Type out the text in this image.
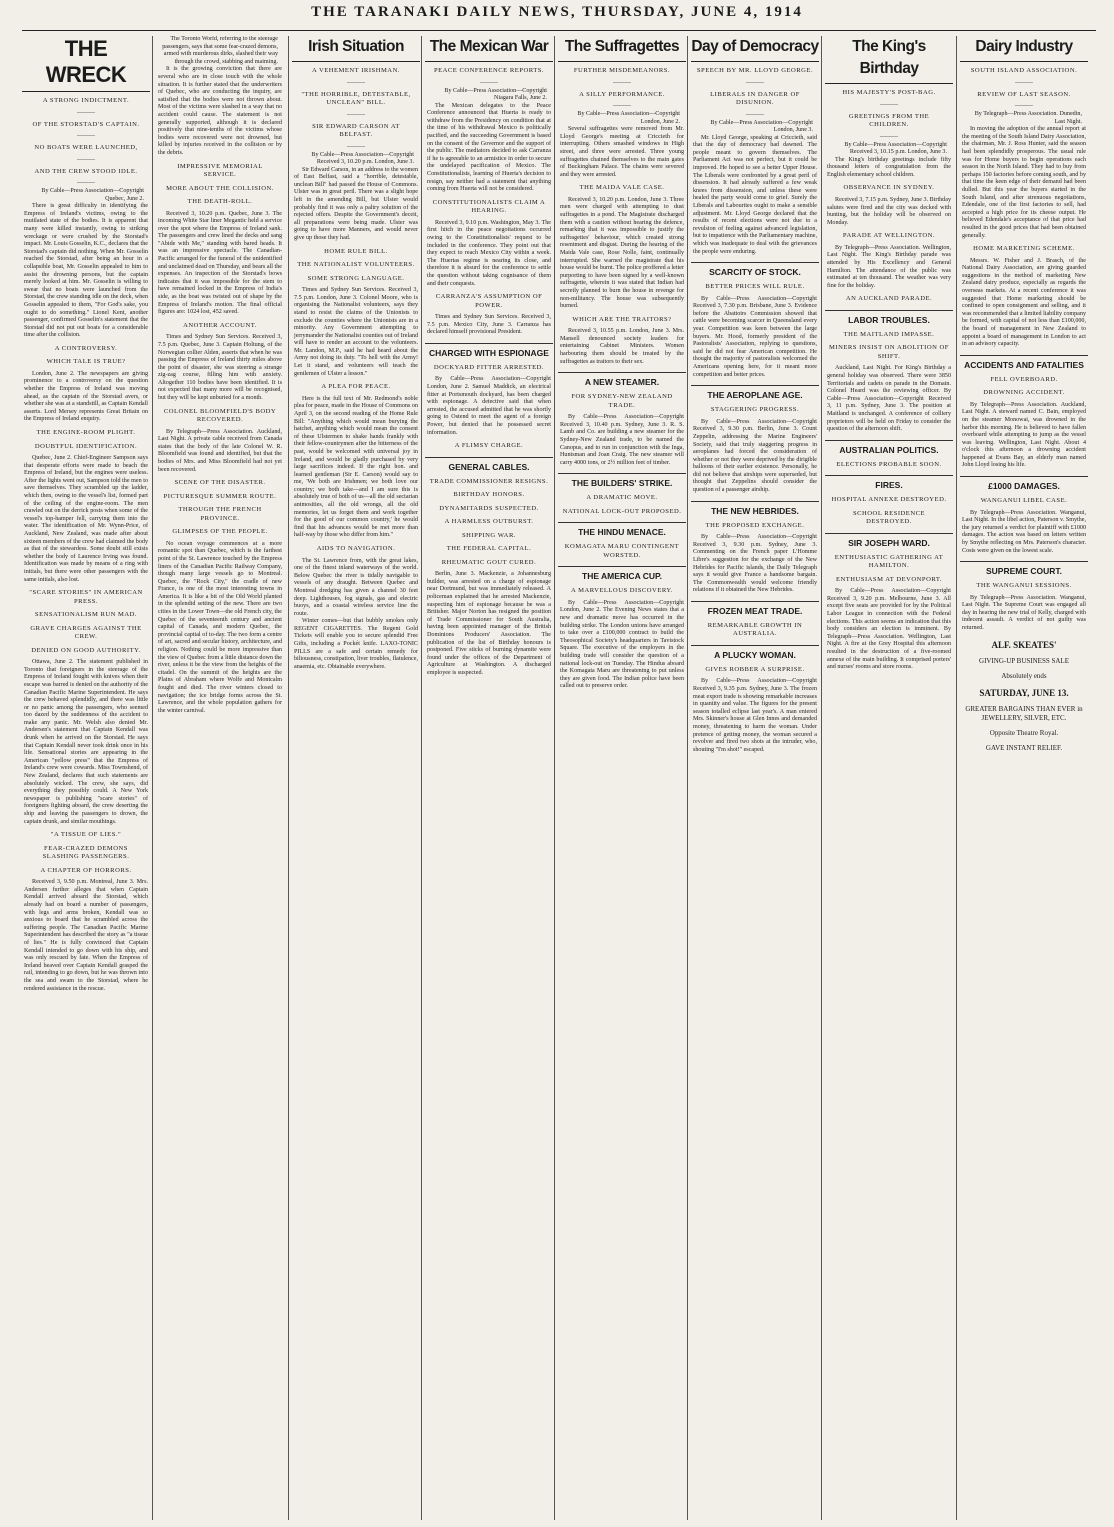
THE TARANAKI DAILY NEWS, THURSDAY, JUNE 4, 1914
THE WRECK
A STRONG INDICTMENT.
———
OF THE STORSTAD'S CAPTAIN.
———
NO BOATS WERE LAUNCHED,
———
AND THE CREW STOOD IDLE.
———
By Cable—Press Association—Copyright Quebec, June 2.
There is great difficulty in identifying the Empress of Ireland's victims, owing to the mutilated state of the bodies. It is apparent that many were killed instantly, owing to striking wreckage or were crushed by the Storstad's impact. Mr. Louis Gosselin, K.C., declares that the Storstad's captain did nothing. When Mr. Gosselin reached the Storstad, after being an hour in a collapsible boat, Mr. Gosselin appealed to him to assist the drowning persons, but the captain merely looked at him. Mr. Gosselin is willing to swear that no boats were launched from the Storstad, the crew standing idle on the deck, when Gosselin appealed to them, "For God's sake, you ought to do something." Lionel Kent, another passenger, confirmed Gosselin's statement that the Storstad did not put out boats for a considerable time after the collision.
A CONTROVERSY.
WHICH TALE IS TRUE?
London, June 2. The newspapers are giving prominence to a controversy on the question whether the Empress of Ireland was moving ahead, as the captain of the Storstad avers, or whether she was at a standstill, as Captain Kendall asserts. Lord Mersey represents Great Britain on the Empress of Ireland enquiry.
THE ENGINE-ROOM PLIGHT.
DOUBTFUL IDENTIFICATION.
Quebec, June 2. Chief-Engineer Sampson says that desperate efforts were made to beach the Empress of Ireland, but the engines were useless. After the lights went out, Sampson told the men to save themselves. They scrambled up the ladder, which then, owing to the vessel's list, formed part of the ceiling of the engine-room. The men crawled out on the derrick posts when some of the vessel's top-hamper fell, carrying them into the water. The identification of Mr. Wynn-Price, of Auckland, New Zealand, was made after about sixteen members of the crew had claimed the body as that of the stewardess. Some doubt still exists whether the body of Laurence Irving was found. Identification was made by means of a ring with initials, but there were other passengers with the same initials, also lost.
"SCARE STORIES" IN AMERICAN PRESS.
SENSATIONALISM RUN MAD.
GRAVE CHARGES AGAINST THE CREW.
DENIED ON GOOD AUTHORITY.
Ottawa, June 2. The statement published in Toronto that foreigners in the steerage of the Empress of Ireland fought with knives when their escape was barred is denied on the authority of the Canadian Pacific Marine Superintendent. He says the crew behaved splendidly, and there was little or no panic among the passengers, who seemed too dazed by the suddenness of the accident to make any panic. Mr. Welsh also denied Mr. Andersen's statement that Captain Kendall was drunk when he arrived on the Storstad. He says that Captain Kendall never took drink once in his life. Sensational stories are appearing in the American "yellow press" that the Empress of Ireland's crew were cowards. Miss Townshend, of New Zealand, declares that such statements are absolutely wicked. The crew, she says, did everything they possibly could. A New York newspaper is publishing "scare stories" of foreigners fighting aboard, the crew deserting the ship and leaving the passengers to drown, the captain drunk, and similar mouthings.
"A TISSUE OF LIES."
FEAR-CRAZED DEMONS SLASHING PASSENGERS.
A CHAPTER OF HORRORS.
Received 3, 9.50 p.m. Montreal, June 3. Mrs. Andersen further alleges that when Captain Kendall arrived aboard the Storstad, which already had on board a number of passengers, with legs and arms broken, Kendall was so anxious to board that he scrambled across the suffering people. The Canadian Pacific Marine Superintendent has described the story as "a tissue of lies." He is fully convinced that Captain Kendall intended to go down with his ship, and was only rescued by fate. When the Empress of Ireland heaved over Captain Kendall grasped the rail, intending to go down, but he was thrown into the sea and swam to the Storstad, where he rendered assistance in the rescue.
The Toronto World, referring to the steerage passengers, says that some fear-crazed demons, armed with murderous dirks, slashed their way through the crowd, stabbing and maiming.
It is the growing conviction that there are several who are in close touch with the whole situation. It is further stated that the underwriters of Quebec, who are conducting the inquiry, are satisfied that the bodies were not thrown about. Most of the victims were slashed in a way that no accident could cause. The statement is not generally supported, although it is declared positively that nine-tenths of the victims whose bodies were recovered were not drowned, but killed by injuries received in the collision or by the debris.
IMPRESSIVE MEMORIAL SERVICE.
MORE ABOUT THE COLLISION.
THE DEATH-ROLL.
Received 3, 10.20 p.m. Quebec, June 3. The incoming White Star liner Megantic held a service over the spot where the Empress of Ireland sank. The passengers and crew lined the decks and sang "Abide with Me," standing with bared heads. It was an impressive spectacle. The Canadian-Pacific arranged for the funeral of the unidentified and unclaimed dead on Thursday, and bears all the expenses. An inspection of the Storstad's bows indicates that it was impossible for the stem to have remained locked in the Empress of India's side, as the boat was twisted out of shape by the Empress of Ireland's motion. The final official figures are: 1024 lost, 452 saved.
ANOTHER ACCOUNT.
Times and Sydney Sun Services. Received 3, 7.5 p.m. Quebec, June 3. Captain Holtung, of the Norwegian collier Alden, asserts that when he was passing the Empress of Ireland thirty miles above the point of disaster, she was steering a strange zig-zag course, filling him with anxiety. Altogether 110 bodies have been identified. It is not expected that many more will be recognised, but they will be kept unburied for a month.
COLONEL BLOOMFIELD'S BODY RECOVERED.
By Telegraph—Press Association. Auckland, Last Night. A private cable received from Canada states that the body of the late Colonel W. R. Bloomfield was found and identified, but that the bodies of Mrs. and Miss Bloomfield had not yet been recovered.
SCENE OF THE DISASTER.
PICTURESQUE SUMMER ROUTE.
THROUGH THE FRENCH PROVINCE.
GLIMPSES OF THE PEOPLE.
No ocean voyage commences at a more romantic spot than Quebec, which is the farthest point of the St. Lawrence touched by the Empress liners of the Canadian Pacific Railway Company, though many large vessels go to Montreal. Quebec, the "Rock City," the cradle of new France, is one of the most interesting towns in America. It is like a bit of the Old World planted in the splendid setting of the new. There are two cities in the Lower Town—the old French city, the Quebec of the seventeenth century and ancient capital of Canada, and modern Quebec, the provincial capital of to-day. The two form a centre of art, sacred and secular history, architecture, and religion. Nothing could be more impressive than the view of Quebec from a little distance down the river, unless it be the view from the heights of the citadel. On the summit of the heights are the Plains of Abraham where Wolfe and Montcalm fought and died. The river winters closed to navigation; the ice bridge forms across the St. Lawrence, and the whole population gathers for the winter carnival.
Irish Situation
A VEHEMENT IRISHMAN.
———
"THE HORRIBLE, DETESTABLE, UNCLEAN" BILL.
———
SIR EDWARD CARSON AT BELFAST.
———
By Cable—Press Association—Copyright Received 3, 10.20 p.m. London, June 3.
Sir Edward Carson, in an address to the women of East Belfast, said a "horrible, detestable, unclean Bill" had passed the House of Commons. Ulster was in great peril. There was a slight hope left in the amending Bill, but Ulster would probably find it was only a paltry solution of the rejected offers. Despite the Government's deceit, all preparations were being made. Ulster was going to have more Manners, and would never give up those they had.
HOME RULE BILL.
THE NATIONALIST VOLUNTEERS.
SOME STRONG LANGUAGE.
Times and Sydney Sun Services. Received 3, 7.5 p.m. London, June 3. Colonel Moore, who is organising the Nationalist volunteers, says they stand to resist the claims of the Unionists to exclude the counties where the Unionists are in a minority. Any Government attempting to jerrymander the Nationalist counties out of Ireland will have to render an account to the volunteers. Mr. Landon, M.P., said he had heard about the Army not doing its duty. "To hell with the Army! Let it stand, and volunteers will teach the gentlemen of Ulster a lesson."
A PLEA FOR PEACE.
Here is the full text of Mr. Redmond's noble plea for peace, made in the House of Commons on April 3, on the second reading of the Home Rule Bill: "Anything which would mean burying the hatchet, anything which would mean the consent of these Ulstermen to shake hands frankly with their fellow-countrymen after the bitterness of the past, would be welcomed with universal joy in Ireland, and would be gladly purchased by very large sacrifices indeed. If the right hon. and learned gentleman (Sir E. Carson) would say to me, 'We both are Irishmen; we both love our country; we both take—and I am sure this is absolutely true of both of us—all the old sectarian animosities, all the old wrongs, all the old memories, let us forget them and work together for the good of our common country,' he would find that his advances would be met more than half-way by those who differ from him."
AIDS TO NAVIGATION.
The St. Lawrence from, with the great lakes, one of the finest inland waterways of the world. Below Quebec the river is tidally navigable to vessels of any draught. Between Quebec and Montreal dredging has given a channel 30 feet deep. Lighthouses, fog signals, gas and electric buoys, and a coastal wireless service line the route.
Winter comes—but that bubbly smokes only REGENT CIGARETTES. The Regent Gold Tickets will enable you to secure splendid Free Gifts, including a Pockét knife. LAXO-TONIC PILLS are a safe and certain remedy for biliousness, constipation, liver troubles, flatulence, anaemia, etc. Obtainable everywhere.
The Mexican War
PEACE CONFERENCE REPORTS.
———
By Cable—Press Association—Copyright Niagara Falls, June 2.
The Mexican delegates to the Peace Conference announced that Huerta is ready to withdraw from the Presidency on condition that at the time of his withdrawal Mexico is politically pacified, and the succeeding Government is based on the consent of the Governor and the support of the public. The mediators decided to ask Carranza if he is agreeable to an armistice in order to secure the undelayed pacification of Mexico. The Constitutionalists, learning of Huerta's decision to resign, say neither had a statement that anything coming from Huerta will not be considered.
CONSTITUTIONALISTS CLAIM A HEARING.
Received 3, 9.10 p.m. Washington, May 3. The first hitch in the peace negotiations occurred owing to the Constitutionalists' request to be included in the conference. They point out that they expect to reach Mexico City within a week. The Huertas regime is nearing its close, and therefore it is absurd for the conference to settle the question without taking cognisance of them and their conquests.
CARRANZA'S ASSUMPTION OF POWER.
Times and Sydney Sun Services. Received 3, 7.5 p.m. Mexico City, June 3. Carranza has declared himself provisional President.
CHARGED WITH ESPIONAGE
DOCKYARD FITTER ARRESTED.
By Cable—Press Association—Copyright London, June 2. Samuel Maddick, an electrical fitter at Portsmouth dockyard, has been charged with espionage. A detective said that when arrested, the accused admitted that he was shortly going to Ostend to meet the agent of a foreign Power, but denied that he possessed secret information.
A FLIMSY CHARGE.
GENERAL CABLES.
TRADE COMMISSIONER RESIGNS.
BIRTHDAY HONORS.
DYNAMITARDS SUSPECTED.
A HARMLESS OUTBURST.
SHIPPING WAR.
THE FEDERAL CAPITAL.
RHEUMATIC GOUT CURED.
Berlin, June 3. Mackenzie, a Johannesburg builder, was arrested on a charge of espionage near Dortmund, but was immediately released. A policeman explained that he arrested Mackenzie, suspecting him of espionage because he was a Britisher. Major Norton has resigned the position of Trade Commissioner for South Australia, having been appointed manager of the British Dominions Producers' Association. The publication of the list of Birthday honours is postponed. Five sticks of burning dynamite were found under the offices of the Department of Agriculture at Washington. A discharged employee is suspected.
The Suffragettes
FURTHER MISDEMEANORS.
———
A SILLY PERFORMANCE.
———
By Cable—Press Association—Copyright London, June 2.
Several suffragettes were removed from Mr. Lloyd George's meeting at Criccieth for interrupting. Others smashed windows in High street, and three were arrested. Three young suffragettes chained themselves to the main gates of Buckingham Palace. The chains were severed and they were arrested.
THE MAIDA VALE CASE.
Received 3, 10.20 p.m. London, June 3. Three men were charged with attempting to dust suffragettes in a pond. The Magistrate discharged them with a caution without hearing the defence, remarking that it was impossible to justify the suffragettes' behaviour, which created strong resentment and disgust. During the hearing of the Maida Vale case, Rose Nolle, faint, continually interrupted. She warned the magistrate that his house would be burnt. The police proffered a letter purporting to have been signed by a well-known suffragette, wherein it was stated that Indian had secretly planned to burn the house in revenge for non-militancy. The house was subsequently burned.
WHICH ARE THE TRAITORS?
Received 3, 10.55 p.m. London, June 3. Mrs. Mansell denounced society leaders for entertaining Cabinet Ministers. Women harbouring them should be treated by the suffragettes as traitors to their sex.
A NEW STEAMER.
FOR SYDNEY-NEW ZEALAND TRADE.
By Cable—Press Association—Copyright Received 3, 10.40 p.m. Sydney, June 3. R. S. Lamb and Co. are building a new steamer for the Sydney-New Zealand trade, to be named the Canopus, and to run in conjunction with the Inga, Huntsman and Joan Craig. The new steamer will carry 4000 tons, or 2½ million feet of timber.
THE BUILDERS' STRIKE.
A DRAMATIC MOVE.
NATIONAL LOCK-OUT PROPOSED.
THE HINDU MENACE.
KOMAGATA MARU CONTINGENT WORSTED.
THE AMERICA CUP.
A MARVELLOUS DISCOVERY.
By Cable—Press Association—Copyright London, June 2. The Evening News states that a new and dramatic move has occurred in the building strike. The London unions have arranged to take over a £100,000 contract to build the Theosophical Society's headquarters in Tavistock Square. The executive of the employers in the building trade will consider the question of a national lock-out on Tuesday. The Hindus aboard the Komagata Maru are threatening to put unless they are given food. The Indian police have been called out to preserve order.
Day of Democracy
SPEECH BY MR. LLOYD GEORGE.
———
LIBERALS IN DANGER OF DISUNION.
———
By Cable—Press Association—Copyright London, June 3.
Mr. Lloyd George, speaking at Criccieth, said that the day of democracy had dawned. The people meant to govern themselves. The Parliament Act was not perfect, but it could be improved. He hoped to see a better Upper House. The Liberals were confronted by a great peril of dissension. It had already suffered a few weak knees from dissension, and unless these were healed the party would come to grief. Surely the Liberals and Labourites ought to make a sensible adjustment. Mr. Lloyd George declared that the results of recent elections were not due to a revulsion of feeling against advanced legislation, but to impatience with the Parliamentary machine, which was inadequate to deal with the grievances the people were enduring.
SCARCITY OF STOCK.
BETTER PRICES WILL RULE.
By Cable—Press Association—Copyright Received 3, 7.30 p.m. Brisbane, June 3. Evidence before the Abattoirs Commission showed that cattle were becoming scarcer in Queensland every year. Competition was keen between the large buyers. Mr. Hood, formerly president of the Pastoralists' Association, replying to questions, said he did not fear American competition. He thought the majority of pastoralists welcomed the Americans opening here, for it meant more competition and better prices.
THE AEROPLANE AGE.
STAGGERING PROGRESS.
By Cable—Press Association—Copyright Received 3, 9.30 p.m. Berlin, June 3. Count Zeppelin, addressing the Marine Engineers' Society, said that truly staggering progress in aeroplanes had forced the consideration of whether or not they were deprived by the dirigible balloons of their earlier existence. Personally, he did not believe that airships were superseded, but thought that Zeppelins should consider the question of a passenger airship.
THE NEW HEBRIDES.
THE PROPOSED EXCHANGE.
By Cable—Press Association—Copyright Received 3, 9.30 p.m. Sydney, June 3. Commenting on the French paper L'Homme Libre's suggestion for the exchange of the New Hebrides for Pacific islands, the Daily Telegraph says it would give France a handsome bargain. The Commonwealth would welcome friendly relations if it obtained the New Hebrides.
FROZEN MEAT TRADE.
REMARKABLE GROWTH IN AUSTRALIA.
A PLUCKY WOMAN.
GIVES ROBBER A SURPRISE.
By Cable—Press Association—Copyright Received 3, 9.35 p.m. Sydney, June 3. The frozen meat export trade is showing remarkable increases in quantity and value. The figures for the present season totalled eclipse last year's. A man entered Mrs. Skinner's house at Glen Innes and demanded money, threatening to harm the woman. Under pretence of getting money, the woman secured a revolver and fired two shots at the intruder, who, shouting "I'm shot!" escaped.
The King's Birthday
HIS MAJESTY'S POST-BAG.
———
GREETINGS FROM THE CHILDREN.
———
By Cable—Press Association—Copyright Received 3, 10.15 p.m. London, June 3.
The King's birthday greetings include fifty thousand letters of congratulation from the English elementary school children.
OBSERVANCE IN SYDNEY.
Received 3, 7.15 p.m. Sydney, June 3. Birthday salutes were fired and the city was decked with bunting, but the holiday will be observed on Monday.
PARADE AT WELLINGTON.
By Telegraph—Press Association. Wellington, Last Night. The King's Birthday parade was attended by His Excellency and General Hamilton. The attendance of the public was estimated at ten thousand. The weather was very fine for the holiday.
AN AUCKLAND PARADE.
LABOR TROUBLES.
THE MAITLAND IMPASSE.
MINERS INSIST ON ABOLITION OF SHIFT.
Auckland, Last Night. For King's Birthday a general holiday was observed. There were 3850 Territorials and cadets on parade in the Domain. Colonel Heard was the reviewing officer. By Cable—Press Association—Copyright Received 3, 11 p.m. Sydney, June 3. The position at Maitland is unchanged. A conference of colliery proprietors will be held on Friday to consider the question of the afternoon shift.
AUSTRALIAN POLITICS.
ELECTIONS PROBABLE SOON.
FIRES.
HOSPITAL ANNEXE DESTROYED.
SCHOOL RESIDENCE DESTROYED.
SIR JOSEPH WARD.
ENTHUSIASTIC GATHERING AT HAMILTON.
ENTHUSIASM AT DEVONPORT.
By Cable—Press Association—Copyright Received 3, 9.20 p.m. Melbourne, June 3. All except five seats are provided for by the Political Labor League in connection with the Federal elections. This action seems an indication that this body considers an election is imminent. By Telegraph—Press Association. Wellington, Last Night. A fire at the Grey Hospital this afternoon resulted in the destruction of a five-roomed annexe of the main building. It comprised porters' and nurses' rooms and store rooms.
Dairy Industry
SOUTH ISLAND ASSOCIATION.
———
REVIEW OF LAST SEASON.
———
By Telegraph—Press Association. Dunedin, Last Night.
In moving the adoption of the annual report at the meeting of the South Island Dairy Association, the chairman, Mr. J. Ross Hunter, said the season had been splendidly prosperous. The usual rule was for Home buyers to begin operations each season in the North Island. They had to buy from perhaps 150 factories before coming south, and by that time the keen edge of their demand had been dulled. But this year the buyers started in the South Island, and after strenuous negotiations, Edendale, one of the first factories to sell, had accepted a high price for its cheese output. He believed Edendale's acceptance of that price had resulted in the good prices that had been obtained generally.
HOME MARKETING SCHEME.
Messrs. W. Fisher and J. Brasch, of the National Dairy Association, are giving guarded suggestions in the method of marketing New Zealand dairy produce, especially as regards the overseas markets. At a recent conference it was suggested that Home marketing should be confined to open consignment and selling, and it was recommended that a limited liability company be formed, with capital of not less than £100,000, the board of management in New Zealand to appoint a board of management in London to act in an advisory capacity.
ACCIDENTS AND FATALITIES
FELL OVERBOARD.
DROWNING ACCIDENT.
By Telegraph—Press Association. Auckland, Last Night. A steward named C. Bain, employed on the steamer Monowai, was drowned in the harbor this morning. He is believed to have fallen overboard while attempting to jump as the vessel was leaving. Wellington, Last Night. About 4 o'clock this afternoon a drowning accident happened at Evans Bay, an elderly man named John Lloyd losing his life.
£1000 DAMAGES.
WANGANUI LIBEL CASE.
By Telegraph—Press Association. Wanganui, Last Night. In the libel action, Paterson v. Smythe, the jury returned a verdict for plaintiff with £1000 damages. The action was based on letters written by Smythe reflecting on Mrs. Paterson's character. Costs were given on the lowest scale.
SUPREME COURT.
THE WANGANUI SESSIONS.
By Telegraph—Press Association. Wanganui, Last Night. The Supreme Court was engaged all day in hearing the new trial of Kelly, charged with indecent assault. A verdict of not guilty was returned.
ALF. SKEATES'
GIVING-UP BUSINESS SALE
Absolutely ends
SATURDAY, JUNE 13.
GREATER BARGAINS THAN EVER in JEWELLERY, SILVER, ETC.
Opposite Theatre Royal.
GAVE INSTANT RELIEF.
